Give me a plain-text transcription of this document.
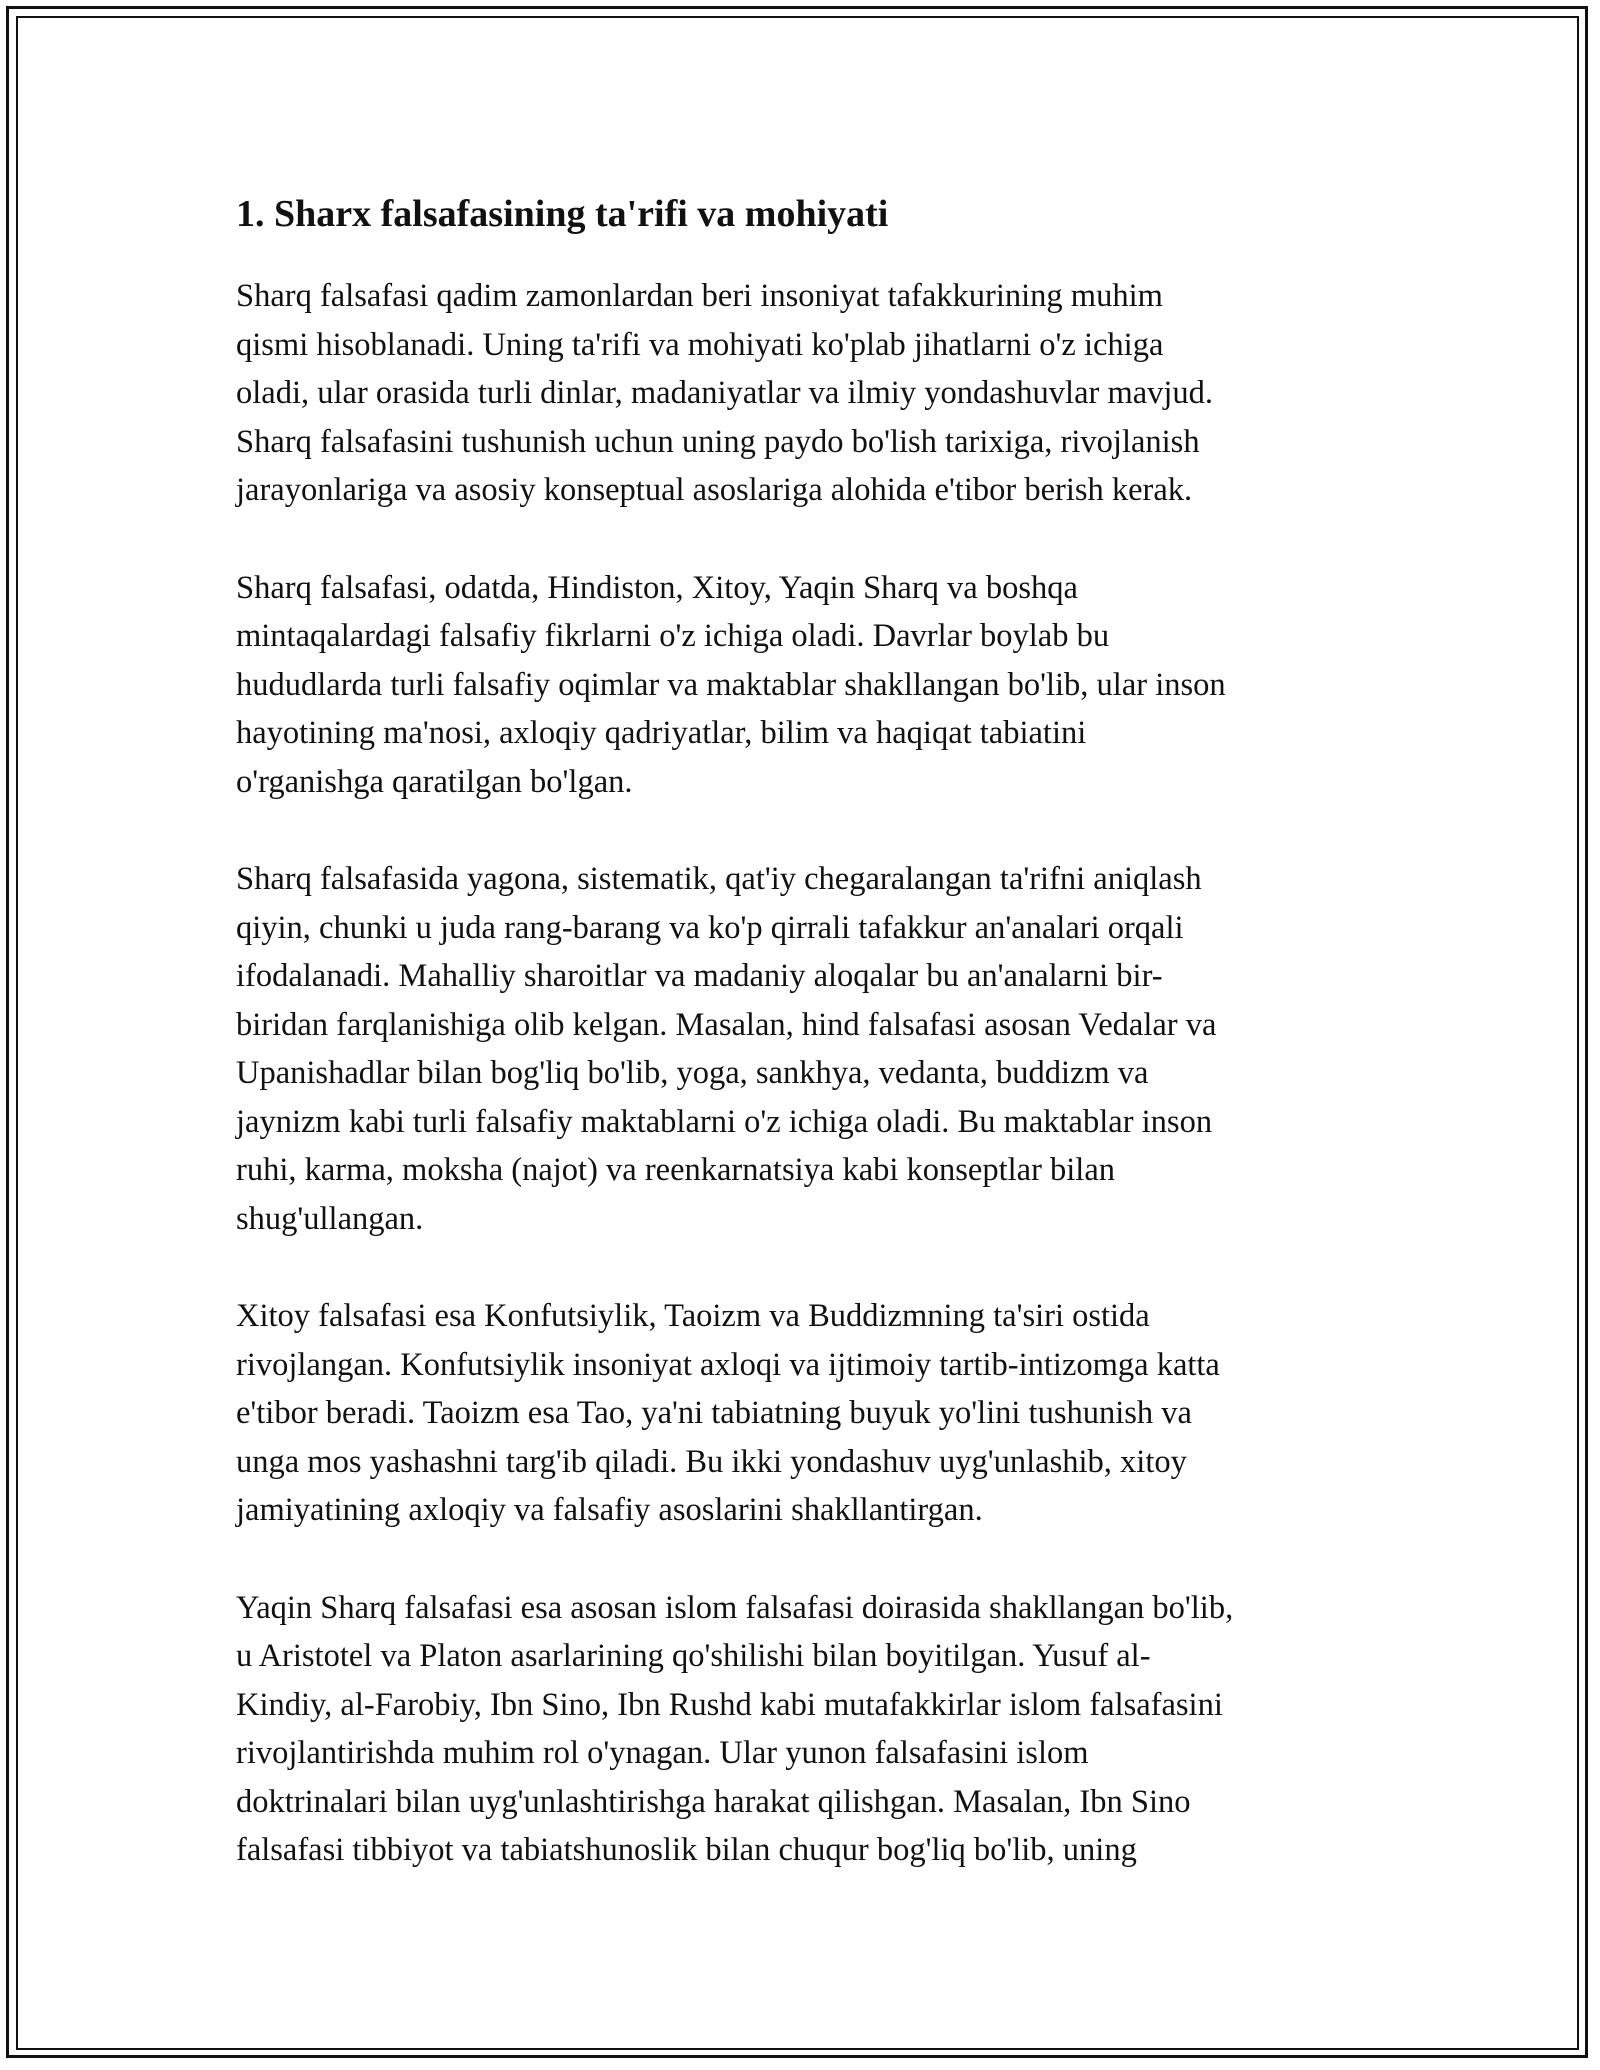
1. Sharx falsafasining ta'rifi va mohiyati

Sharq falsafasi qadim zamonlardan beri insoniyat tafakkurining muhim
qismi hisoblanadi. Uning ta'rifi va mohiyati ko'plab jihatlarni o'z ichiga
oladi, ular orasida turli dinlar, madaniyatlar va ilmiy yondashuvlar mavjud.
Sharq falsafasini tushunish uchun uning paydo bo'lish tarixiga, rivojlanish
jarayonlariga va asosiy konseptual asoslariga alohida e'tibor berish kerak.

Sharq falsafasi, odatda, Hindiston, Xitoy, Yaqin Sharq va boshqa
mintaqalardagi falsafiy fikrlarni o'z ichiga oladi. Davrlar boylab bu
hududlarda turli falsafiy oqimlar va maktablar shakllangan bo'lib, ular inson
hayotining ma'nosi, axloqiy qadriyatlar, bilim va haqiqat tabiatini
o'rganishga qaratilgan bo'lgan.

Sharq falsafasida yagona, sistematik, qat'iy chegaralangan ta'rifni aniqlash
qiyin, chunki u juda rang-barang va ko'p qirrali tafakkur an'analari orqali
ifodalanadi. Mahalliy sharoitlar va madaniy aloqalar bu an'analarni bir-
biridan farqlanishiga olib kelgan. Masalan, hind falsafasi asosan Vedalar va
Upanishadlar bilan bog'liq bo'lib, yoga, sankhya, vedanta, buddizm va
jaynizm kabi turli falsafiy maktablarni o'z ichiga oladi. Bu maktablar inson
ruhi, karma, moksha (najot) va reenkarnatsiya kabi konseptlar bilan
shug'ullangan.

Xitoy falsafasi esa Konfutsiylik, Taoizm va Buddizmning ta'siri ostida
rivojlangan. Konfutsiylik insoniyat axloqi va ijtimoiy tartib-intizomga katta
e'tibor beradi. Taoizm esa Tao, ya'ni tabiatning buyuk yo'lini tushunish va
unga mos yashashni targ'ib qiladi. Bu ikki yondashuv uyg'unlashib, xitoy
jamiyatining axloqiy va falsafiy asoslarini shakllantirgan.

Yaqin Sharq falsafasi esa asosan islom falsafasi doirasida shakllangan bo'lib,
u Aristotel va Platon asarlarining qo'shilishi bilan boyitilgan. Yusuf al-
Kindiy, al-Farobiy, Ibn Sino, Ibn Rushd kabi mutafakkirlar islom falsafasini
rivojlantirishda muhim rol o'ynagan. Ular yunon falsafasini islom
doktrinalari bilan uyg'unlashtirishga harakat qilishgan. Masalan, Ibn Sino
falsafasi tibbiyot va tabiatshunoslik bilan chuqur bog'liq bo'lib, uning
